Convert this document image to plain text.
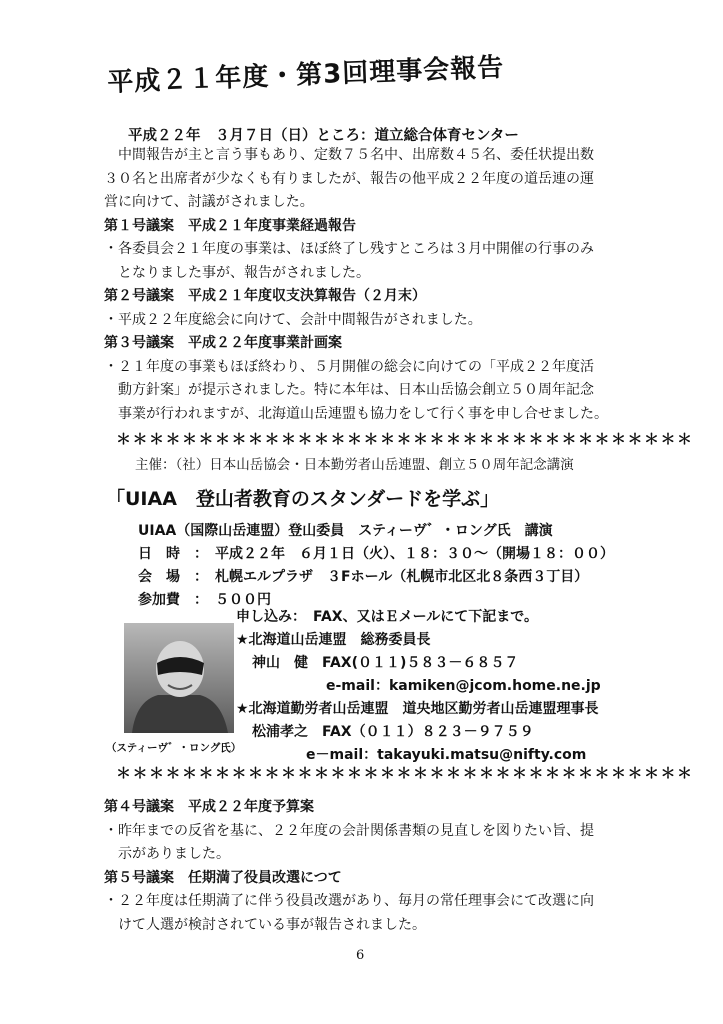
平成２１年度・第3回理事会報告
平成２２年　３月７日（日）ところ：道立総合体育センター

中間報告が主と言う事もあり、定数７５名中、出席数４５名、委任状提出数

３０名と出席者が少なくも有りましたが、報告の他平成２２年度の道岳連の運

営に向けて、討議がされました。

第１号議案　平成２１年度事業経過報告

・各委員会２１年度の事業は、ほぼ終了し残すところは３月中開催の行事のみ

となりました事が、報告がされました。

第２号議案　平成２１年度収支決算報告（２月末）

・平成２２年度総会に向けて、会計中間報告がされました。

第３号議案　平成２２年度事業計画案

・２１年度の事業もほぼ終わり、５月開催の総会に向けての「平成２２年度活

動方針案」が提示されました。特に本年は、日本山岳協会創立５０周年記念

事業が行われますが、北海道山岳連盟も協力をして行く事を申し合せました。

＊＊＊＊＊＊＊＊＊＊＊＊＊＊＊＊＊＊＊＊＊＊＊＊＊＊＊＊＊＊＊＊＊＊＊
主催：（社）日本山岳協会・日本勤労者山岳連盟、創立５０周年記念講演
「UIAA　登山者教育のスタンダードを学ぶ」
UIAA（国際山岳連盟）登山委員　スティーヴ゛・ロング氏　講演
日　時　：　平成２２年　６月１日（火）、１８：３０～（開場１８：００）
会　場　：　札幌エルプラザ　３Fホール（札幌市北区北８条西３丁目）
参加費　：　５００円
申し込み：　FAX、又はＥメールにて下記まで。
★北海道山岳連盟　総務委員長
神山　健　FAX(０１１)５８３－６８５７
e-mail：kamiken@jcom.home.ne.jp
★北海道勤労者山岳連盟　道央地区勤労者山岳連盟理事長
松浦孝之　FAX（０１１）８２３－９７５９
e－mail：takayuki.matsu@nifty.com
（スティーヴ゛・ロング氏）
＊＊＊＊＊＊＊＊＊＊＊＊＊＊＊＊＊＊＊＊＊＊＊＊＊＊＊＊＊＊＊＊＊＊＊

第４号議案　平成２２年度予算案

・昨年までの反省を基に、２２年度の会計関係書類の見直しを図りたい旨、提

示がありました。

第５号議案　任期満了役員改選につて

・２２年度は任期満了に伴う役員改選があり、毎月の常任理事会にて改選に向

けて人選が検討されている事が報告されました。

6
